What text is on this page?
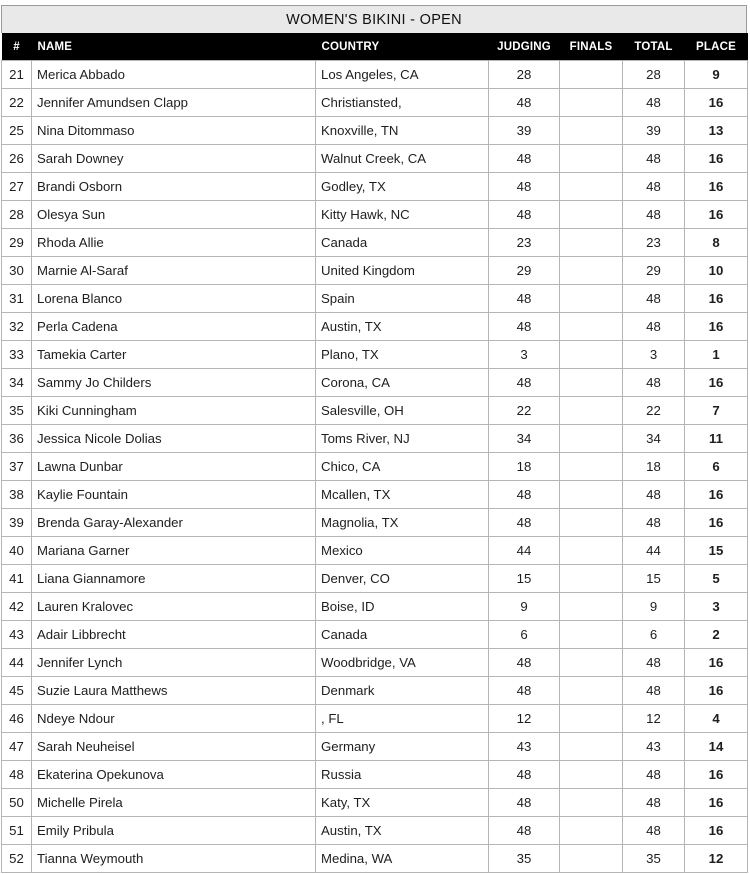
WOMEN'S BIKINI - OPEN
#	NAME	COUNTRY	JUDGING	FINALS	TOTAL	PLACE
21	Merica Abbado	Los Angeles, CA	28		28	9
22	Jennifer Amundsen Clapp	Christiansted,	48		48	16
25	Nina Ditommaso	Knoxville, TN	39		39	13
26	Sarah Downey	Walnut Creek, CA	48		48	16
27	Brandi Osborn	Godley, TX	48		48	16
28	Olesya Sun	Kitty Hawk, NC	48		48	16
29	Rhoda Allie	Canada	23		23	8
30	Marnie Al-Saraf	United Kingdom	29		29	10
31	Lorena Blanco	Spain	48		48	16
32	Perla Cadena	Austin, TX	48		48	16
33	Tamekia Carter	Plano, TX	3		3	1
34	Sammy Jo Childers	Corona, CA	48		48	16
35	Kiki Cunningham	Salesville, OH	22		22	7
36	Jessica Nicole Dolias	Toms River, NJ	34		34	11
37	Lawna Dunbar	Chico, CA	18		18	6
38	Kaylie Fountain	Mcallen, TX	48		48	16
39	Brenda Garay-Alexander	Magnolia, TX	48		48	16
40	Mariana Garner	Mexico	44		44	15
41	Liana Giannamore	Denver, CO	15		15	5
42	Lauren Kralovec	Boise, ID	9		9	3
43	Adair Libbrecht	Canada	6		6	2
44	Jennifer Lynch	Woodbridge, VA	48		48	16
45	Suzie Laura Matthews	Denmark	48		48	16
46	Ndeye Ndour	, FL	12		12	4
47	Sarah Neuheisel	Germany	43		43	14
48	Ekaterina Opekunova	Russia	48		48	16
50	Michelle Pirela	Katy, TX	48		48	16
51	Emily Pribula	Austin, TX	48		48	16
52	Tianna Weymouth	Medina, WA	35		35	12
